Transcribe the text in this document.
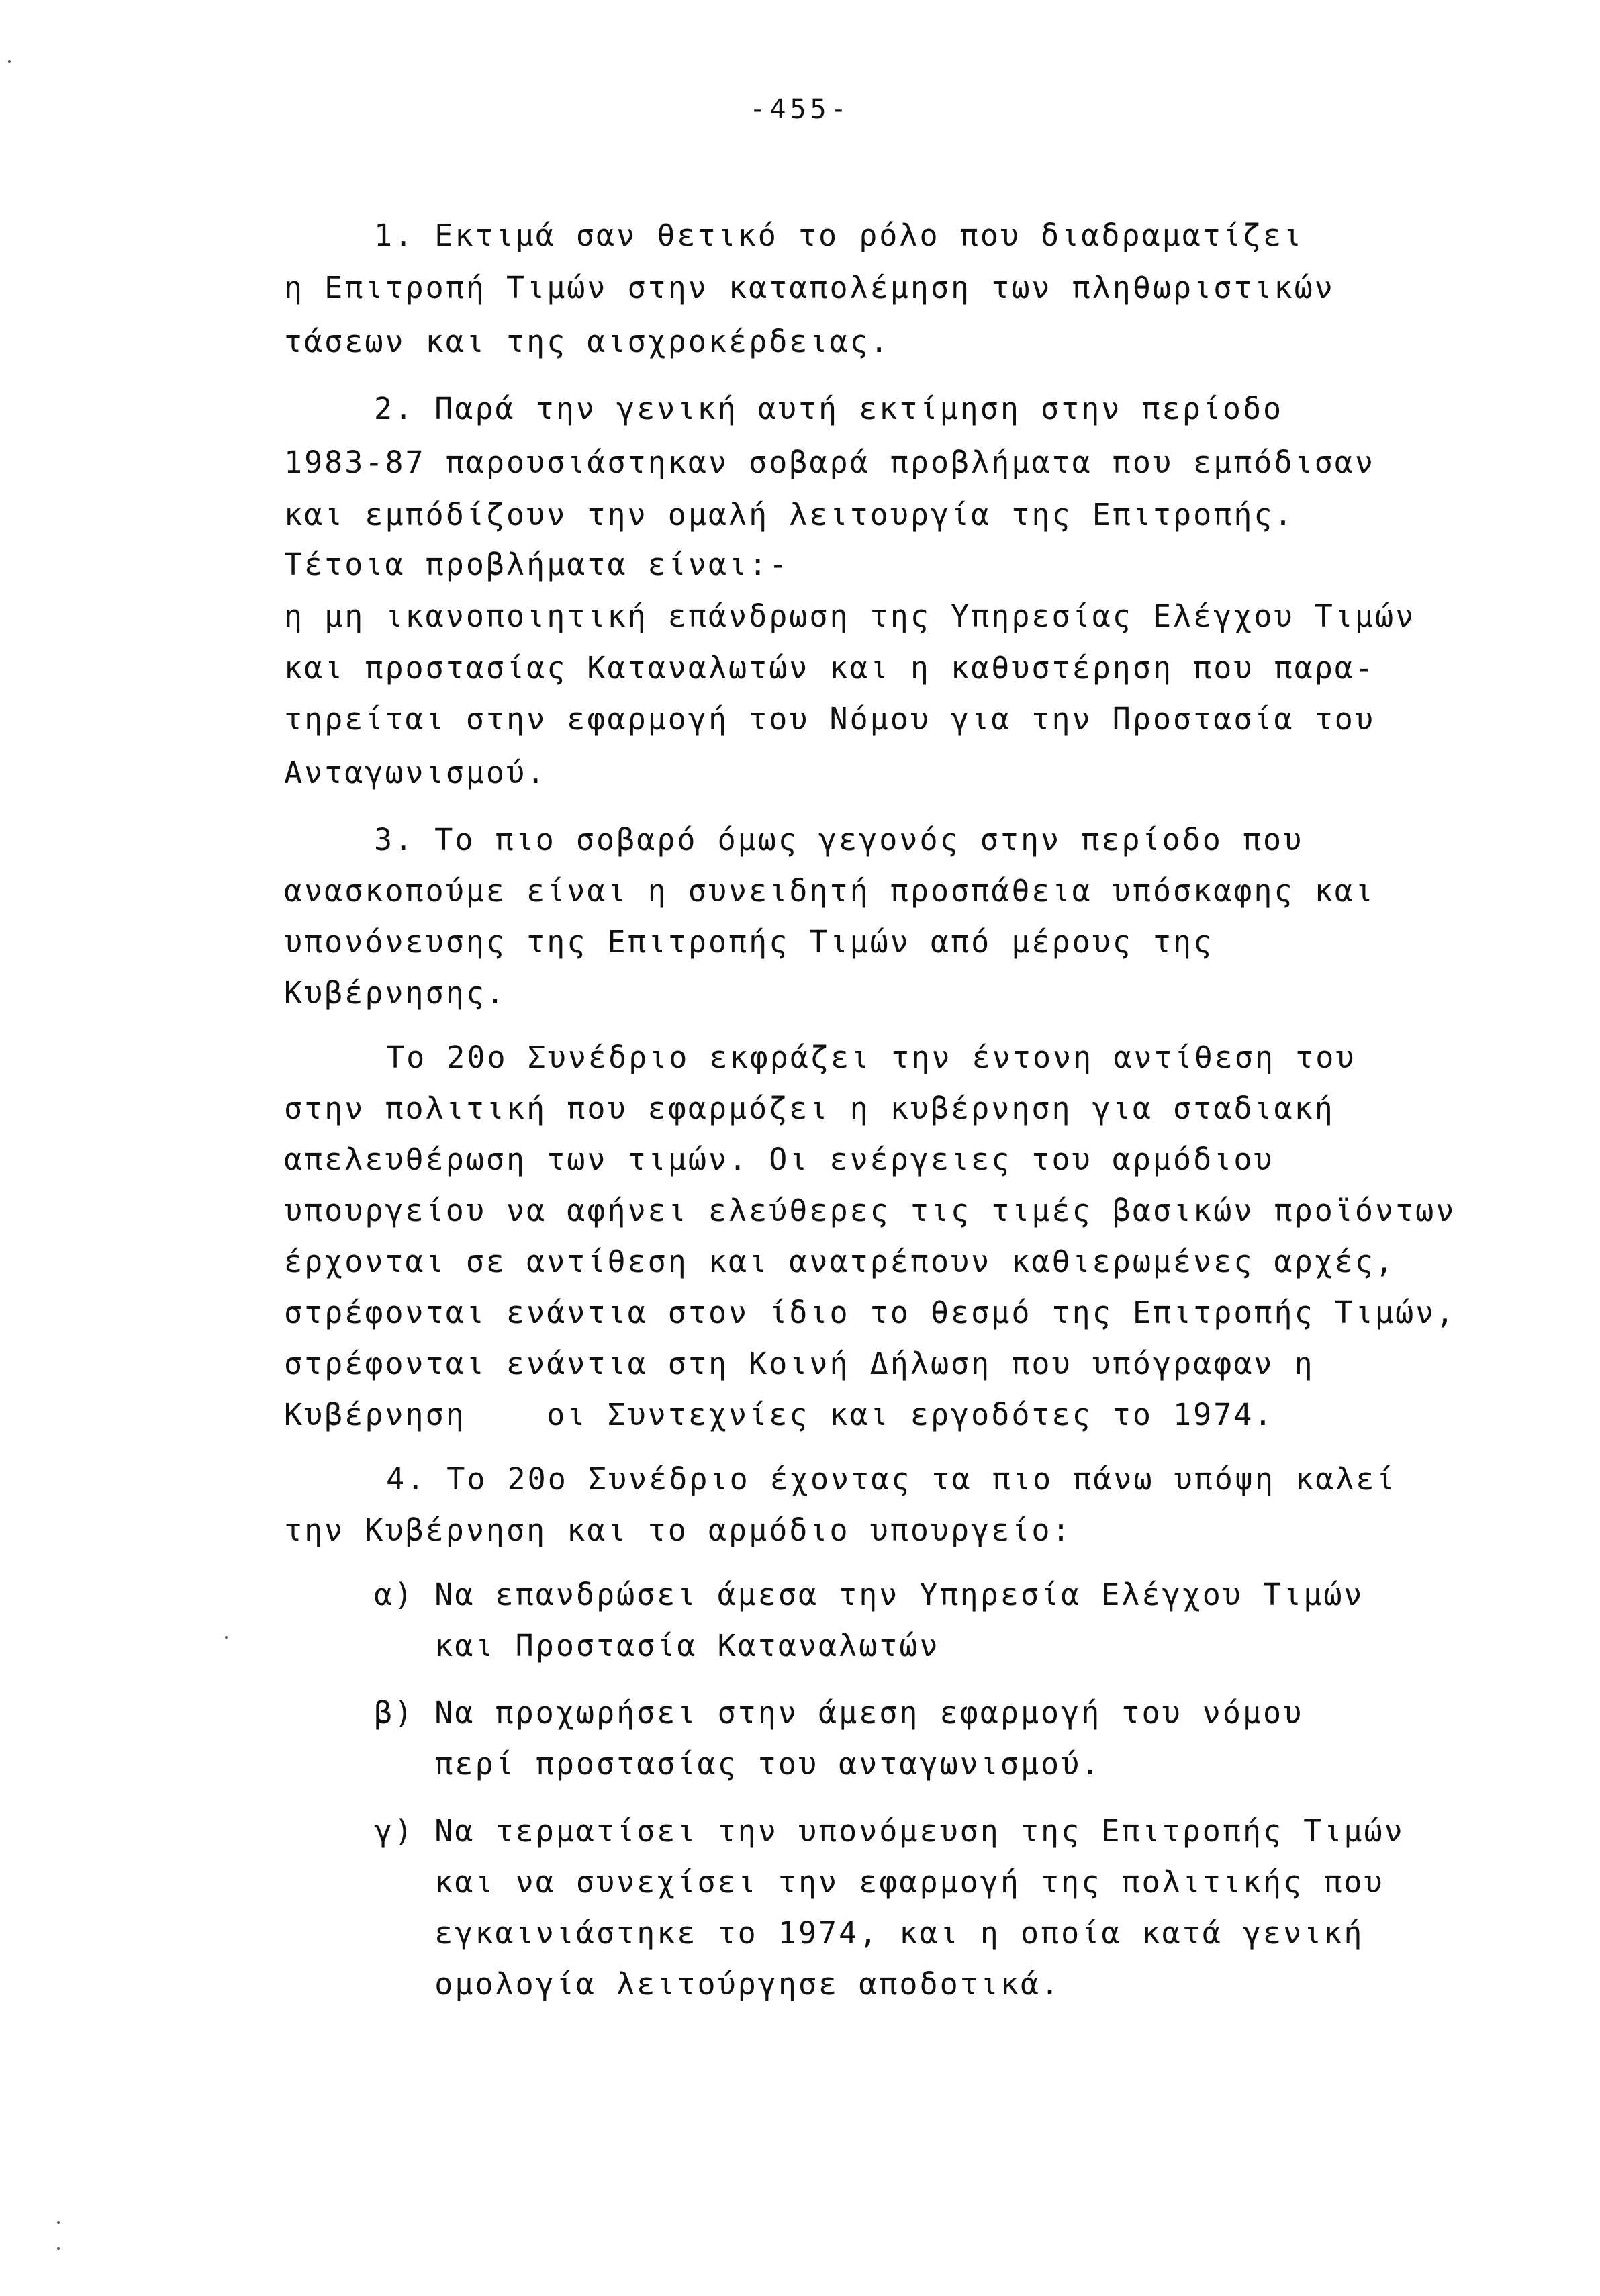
-455-
1. Εκτιμά σαν θετικό το ρόλο που διαδραματίζει
η Επιτροπή Τιμών στην καταπολέμηση των πληθωριστικών
τάσεων και της αισχροκέρδειας.
2. Παρά την γενική αυτή εκτίμηση στην περίοδο
1983-87 παρουσιάστηκαν σοβαρά προβλήματα που εμπόδισαν
και εμπόδίζουν την ομαλή λειτουργία της Επιτροπής.
Τέτοια προβλήματα είναι:-
η μη ικανοποιητική επάνδρωση της Υπηρεσίας Ελέγχου Τιμών
και προστασίας Καταναλωτών και η καθυστέρηση που παρα-
τηρείται στην εφαρμογή του Νόμου για την Προστασία του
Ανταγωνισμού.
3. Το πιο σοβαρό όμως γεγονός στην περίοδο που
ανασκοπούμε είναι η συνειδητή προσπάθεια υπόσκαφης και
υπονόνευσης της Επιτροπής Τιμών από μέρους της
Κυβέρνησης.
Το 20ο Συνέδριο εκφράζει την έντονη αντίθεση του
στην πολιτική που εφαρμόζει η κυβέρνηση για σταδιακή
απελευθέρωση των τιμών. Οι ενέργειες του αρμόδιου
υπουργείου να αφήνει ελεύθερες τις τιμές βασικών προϊόντων
έρχονται σε αντίθεση και ανατρέπουν καθιερωμένες αρχές,
στρέφονται ενάντια στον ίδιο το θεσμό της Επιτροπής Τιμών,
στρέφονται ενάντια στη Κοινή Δήλωση που υπόγραφαν η
Κυβέρνηση    οι Συντεχνίες και εργοδότες το 1974.
4. Το 20ο Συνέδριο έχοντας τα πιο πάνω υπόψη καλεί
την Κυβέρνηση και το αρμόδιο υπουργείο:
α) Να επανδρώσει άμεσα την Υπηρεσία Ελέγχου Τιμών
και Προστασία Καταναλωτών
β) Να προχωρήσει στην άμεση εφαρμογή του νόμου
περί προστασίας του ανταγωνισμού.
γ) Να τερματίσει την υπονόμευση της Επιτροπής Τιμών
και να συνεχίσει την εφαρμογή της πολιτικής που
εγκαινιάστηκε το 1974, και η οποία κατά γενική
ομολογία λειτούργησε αποδοτικά.
